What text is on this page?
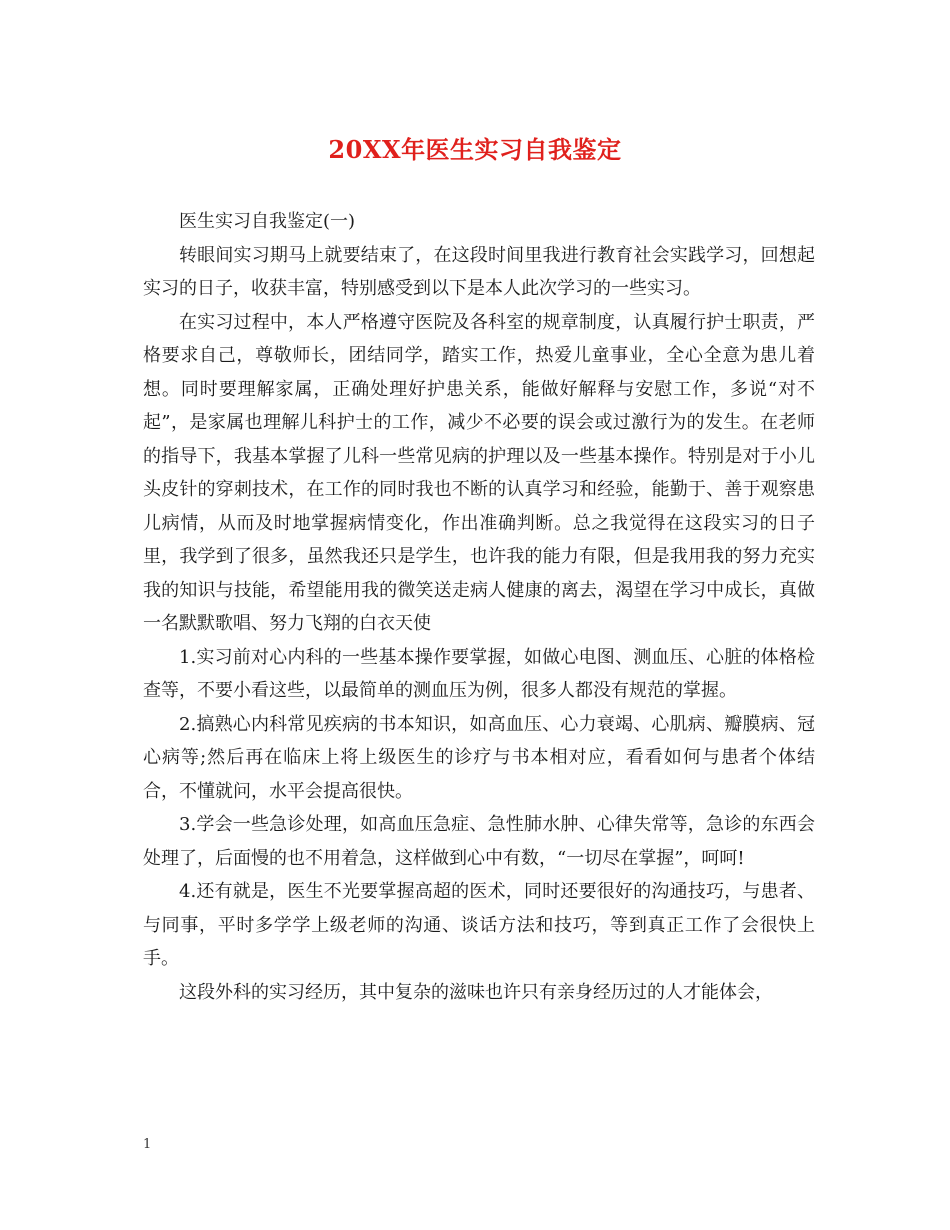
20XX年医生实习自我鉴定

医生实习自我鉴定(一)

转眼间实习期马上就要结束了，在这段时间里我进行教育社会实践学习，回想起实习的日子，收获丰富，特别感受到以下是本人此次学习的一些实习。

在实习过程中，本人严格遵守医院及各科室的规章制度，认真履行护士职责，严格要求自己，尊敬师长，团结同学，踏实工作，热爱儿童事业，全心全意为患儿着想。同时要理解家属，正确处理好护患关系，能做好解释与安慰工作，多说“对不起”，是家属也理解儿科护士的工作，减少不必要的误会或过激行为的发生。在老师的指导下，我基本掌握了儿科一些常见病的护理以及一些基本操作。特别是对于小儿头皮针的穿刺技术，在工作的同时我也不断的认真学习和经验，能勤于、善于观察患儿病情，从而及时地掌握病情变化，作出准确判断。总之我觉得在这段实习的日子里，我学到了很多，虽然我还只是学生，也许我的能力有限，但是我用我的努力充实我的知识与技能，希望能用我的微笑送走病人健康的离去，渴望在学习中成长，真做一名默默歌唱、努力飞翔的白衣天使

1.实习前对心内科的一些基本操作要掌握，如做心电图、测血压、心脏的体格检查等，不要小看这些，以最简单的测血压为例，很多人都没有规范的掌握。

2.搞熟心内科常见疾病的书本知识，如高血压、心力衰竭、心肌病、瓣膜病、冠心病等;然后再在临床上将上级医生的诊疗与书本相对应，看看如何与患者个体结合，不懂就问，水平会提高很快。

3.学会一些急诊处理，如高血压急症、急性肺水肿、心律失常等，急诊的东西会处理了，后面慢的也不用着急，这样做到心中有数，“一切尽在掌握”，呵呵!

4.还有就是，医生不光要掌握高超的医术，同时还要很好的沟通技巧，与患者、与同事，平时多学学上级老师的沟通、谈话方法和技巧，等到真正工作了会很快上手。

这段外科的实习经历，其中复杂的滋味也许只有亲身经历过的人才能体会，

1
